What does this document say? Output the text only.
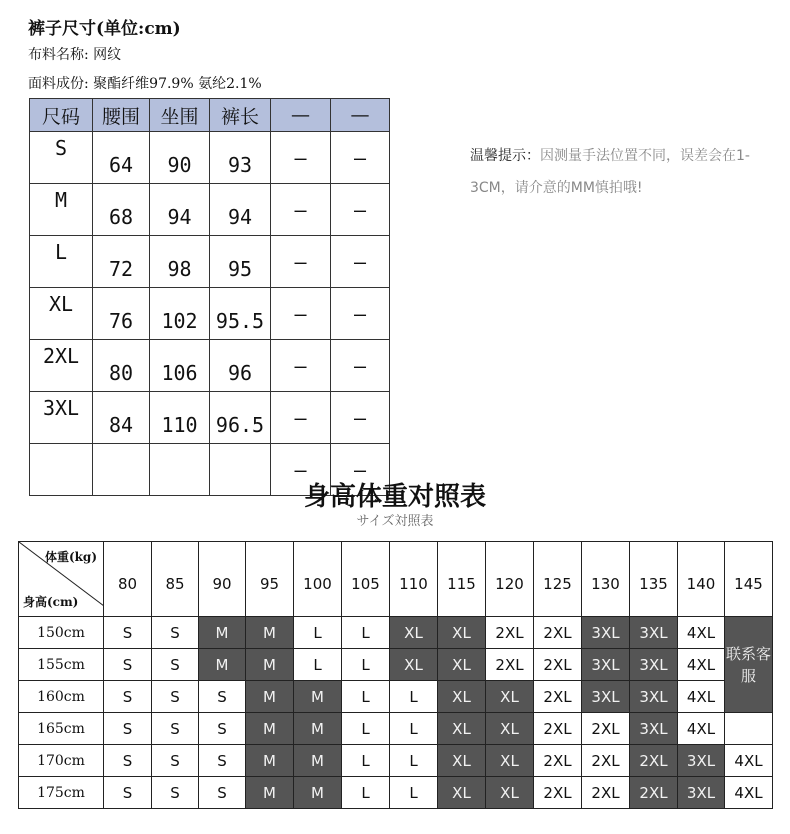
裤子尺寸(单位:cm)
布料名称: 网纹
面料成份: 聚酯纤维97.9% 氨纶2.1%
尺码	腰围	坐围	裤长	—	—
S	64	90	93	—	—
M	68	94	94	—	—
L	72	98	95	—	—
XL	76	102	95.5	—	—
2XL	80	106	96	—	—
3XL	84	110	96.5	—	—
				—	—
温馨提示：因测量手法位置不同，误差会在1-3CM，请介意的MM慎拍哦!
身高体重对照表
サイズ対照表
体重(kg)
身高(cm)	80	85	90	95	100	105	110	115	120	125	130	135	140	145
150cm	S	S	M	M	L	L	XL	XL	2XL	2XL	3XL	3XL	4XL	联系客服
155cm	S	S	M	M	L	L	XL	XL	2XL	2XL	3XL	3XL	4XL	
160cm	S	S	S	M	M	L	L	XL	XL	2XL	3XL	3XL	4XL	
165cm	S	S	S	M	M	L	L	XL	XL	2XL	2XL	3XL	4XL	
170cm	S	S	S	M	M	L	L	XL	XL	2XL	2XL	2XL	3XL	4XL
175cm	S	S	S	M	M	L	L	XL	XL	2XL	2XL	2XL	3XL	4XL
